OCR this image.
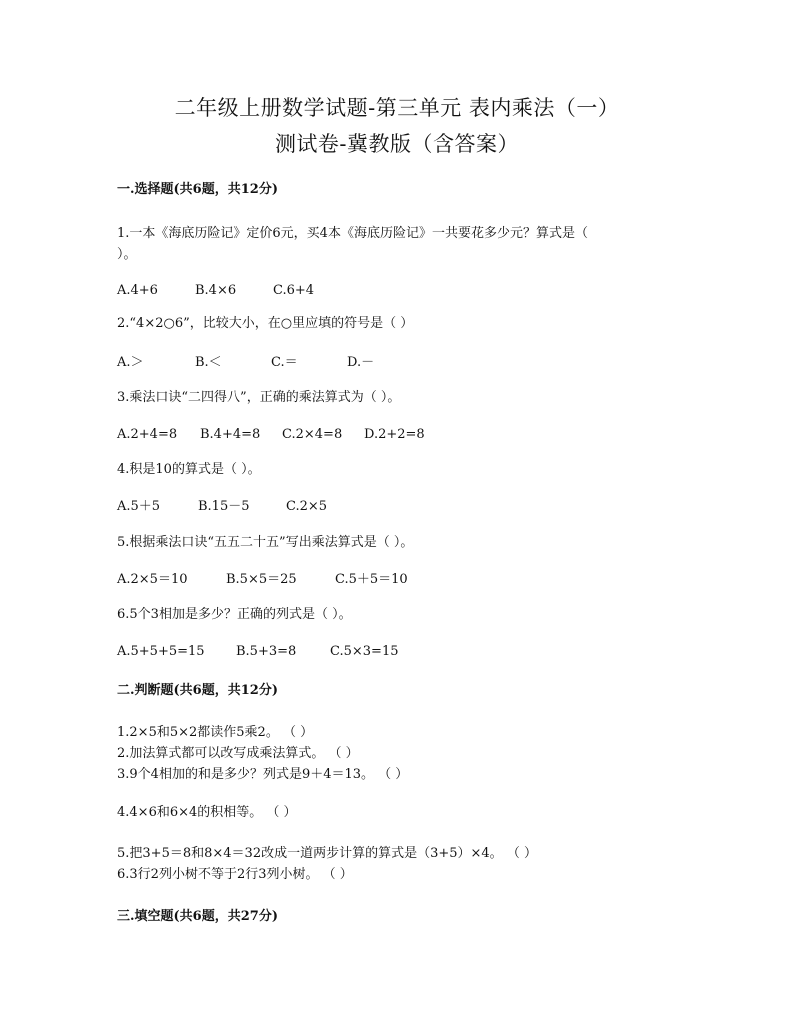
二年级上册数学试题-第三单元 表内乘法（一）
测试卷-冀教版（含答案）
一.选择题(共6题，共12分)
1.一本《海底历险记》定价6元，买4本《海底历险记》一共要花多少元？算式是（
）。
A.4+6	B.4×6	C.6+4
2.“4×2○6”，比较大小，在○里应填的符号是（ ）
A.＞	B.＜	C.＝	D.－
3.乘法口诀“二四得八”，正确的乘法算式为（ ）。
A.2+4=8 B.4+4=8 C.2×4=8 D.2+2=8
4.积是10的算式是（ ）。
A.5＋5	B.15－5	C.2×5
5.根据乘法口诀“五五二十五”写出乘法算式是（ ）。
A.2×5＝10	B.5×5＝25	C.5＋5＝10
6.5个3相加是多少？正确的列式是（ ）。
A.5+5+5=15 B.5+3=8	C.5×3=15
二.判断题(共6题，共12分)
1.2×5和5×2都读作5乘2。 （ ）
2.加法算式都可以改写成乘法算式。 （ ）
3.9个4相加的和是多少？列式是9＋4＝13。 （ ）
4.4×6和6×4的积相等。 （ ）
5.把3+5＝8和8×4＝32改成一道两步计算的算式是（3+5）×4。 （ ）
6.3行2列小树不等于2行3列小树。 （ ）
三.填空题(共6题，共27分)
